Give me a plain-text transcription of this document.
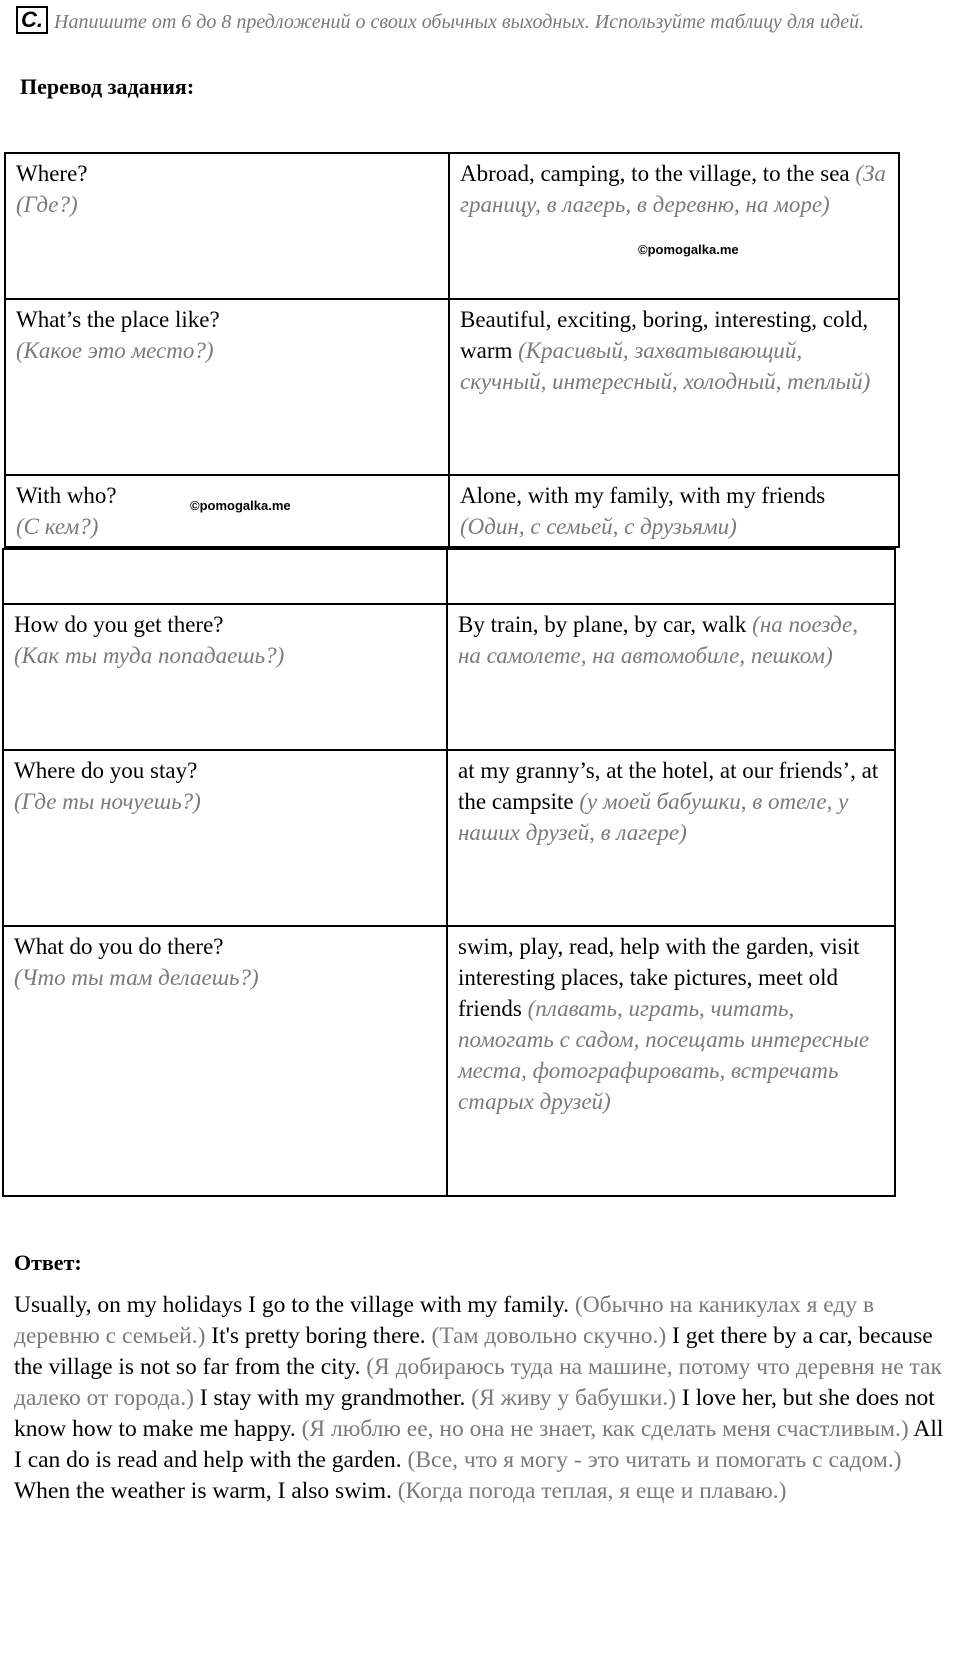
C. Напишите от 6 до 8 предложений о своих обычных выходных. Используйте таблицу для идей.
Перевод задания:
Where?
(Где?)	Abroad, camping, to the village, to the sea (За границу, в лагерь, в деревню, на море)
What’s the place like?
(Какое это место?)	Beautiful, exciting, boring, interesting, cold, warm (Красивый, захватывающий, скучный, интересный, холодный, теплый)
With who?
(С кем?)	Alone, with my family, with my friends (Один, с семьей, с друзьями)
©pomogalka.me
©pomogalka.me

How do you get there?
(Как ты туда попадаешь?)	By train, by plane, by car, walk (на поезде, на самолете, на автомобиле, пешком)
Where do you stay?
(Где ты ночуешь?)	at my granny’s, at the hotel, at our friends’, at the campsite (у моей бабушки, в отеле, у наших друзей, в лагере)
What do you do there?
(Что ты там делаешь?)	swim, play, read, help with the garden, visit interesting places, take pictures, meet old friends (плавать, играть, читать, помогать с садом, посещать интересные места, фотографировать, встречать старых друзей)
Ответ:
Usually, on my holidays I go to the village with my family. (Обычно на каникулах я еду в деревню с семьей.) It's pretty boring there. (Там довольно скучно.) I get there by a car, because the village is not so far from the city. (Я добираюсь туда на машине, потому что деревня не так далеко от города.) I stay with my grandmother. (Я живу у бабушки.) I love her, but she does not know how to make me happy. (Я люблю ее, но она не знает, как сделать меня счастливым.) All I can do is read and help with the garden. (Все, что я могу - это читать и помогать с садом.) When the weather is warm, I also swim. (Когда погода теплая, я еще и плаваю.)
